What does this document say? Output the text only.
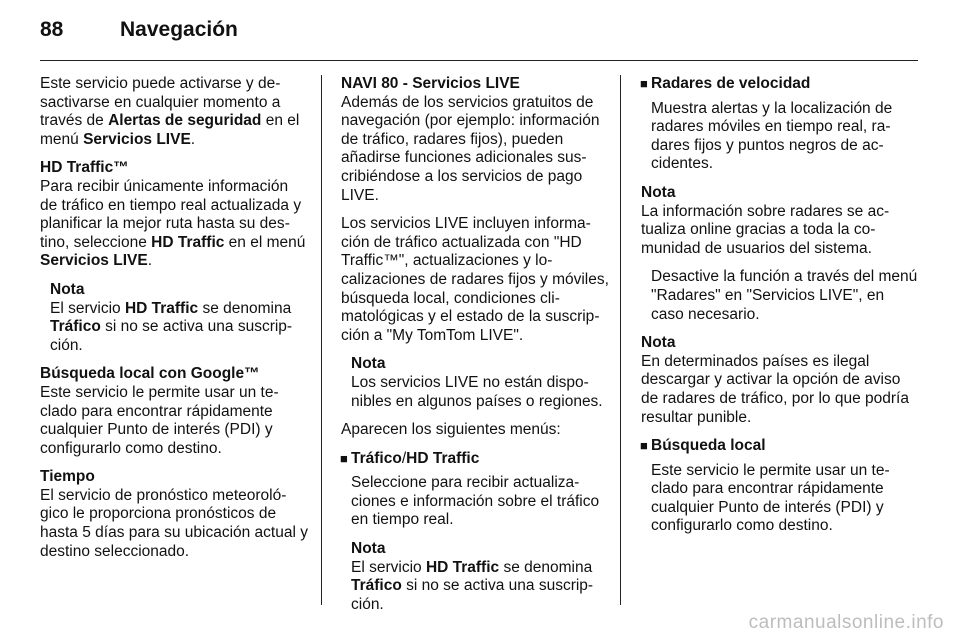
88	Navegación

Este servicio puede activarse y desactivarse en cualquier momento a través de Alertas de seguridad en el menú Servicios LIVE.

HD Traffic™
Para recibir únicamente información de tráfico en tiempo real actualizada y planificar la mejor ruta hasta su destino, seleccione HD Traffic en el menú Servicios LIVE.
Nota
El servicio HD Traffic se denomina Tráfico si no se activa una suscripción.
Búsqueda local con Google™
Este servicio le permite usar un teclado para encontrar rápidamente cualquier Punto de interés (PDI) y configurarlo como destino.
Tiempo
El servicio de pronóstico meteorológico le proporciona pronósticos de hasta 5 días para su ubicación actual y destino seleccionado.
NAVI 80 - Servicios LIVE
Además de los servicios gratuitos de navegación (por ejemplo: información de tráfico, radares fijos), pueden añadirse funciones adicionales suscribiéndose a los servicios de pago LIVE.

Los servicios LIVE incluyen información de tráfico actualizada con "HD Traffic™", actualizaciones y localizaciones de radares fijos y móviles, búsqueda local, condiciones climatológicas y el estado de la suscripción a "My TomTom LIVE".

Nota
Los servicios LIVE no están disponibles en algunos países o regiones.

Aparecen los siguientes menús:

■ Tráfico/HD Traffic
Seleccione para recibir actualizaciones e información sobre el tráfico en tiempo real.
Nota
El servicio HD Traffic se denomina Tráfico si no se activa una suscripción.
■ Radares de velocidad
Muestra alertas y la localización de radares móviles en tiempo real, radares fijos y puntos negros de accidentes.
Nota
La información sobre radares se actualiza online gracias a toda la comunidad de usuarios del sistema.
Desactive la función a través del menú "Radares" en "Servicios LIVE", en caso necesario.
Nota
En determinados países es ilegal descargar y activar la opción de aviso de radares de tráfico, por lo que podría resultar punible.
■ Búsqueda local
Este servicio le permite usar un teclado para encontrar rápidamente cualquier Punto de interés (PDI) y configurarlo como destino.
carmanualsonline.info
